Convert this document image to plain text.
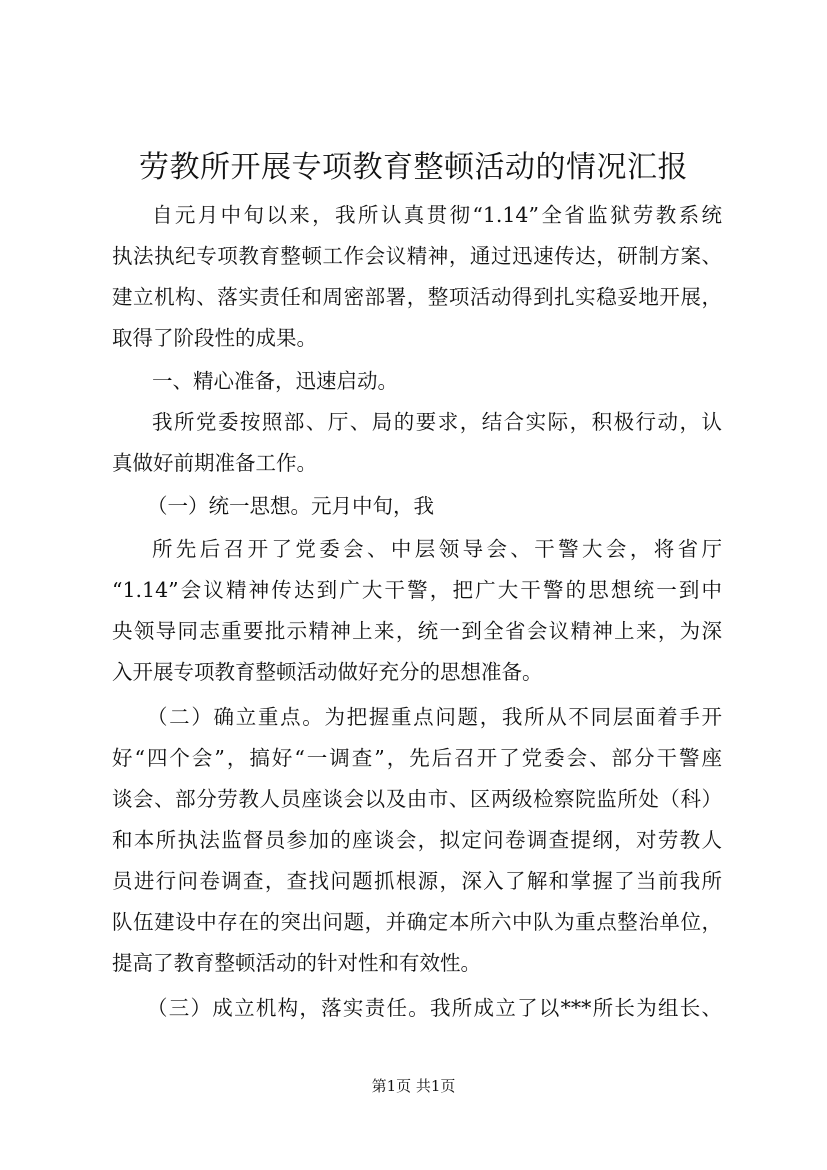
劳教所开展专项教育整顿活动的情况汇报
自元月中旬以来，我所认真贯彻“1.14”全省监狱劳教系统
执法执纪专项教育整顿工作会议精神，通过迅速传达，研制方案、
建立机构、落实责任和周密部署，整项活动得到扎实稳妥地开展，
取得了阶段性的成果。
一、精心准备，迅速启动。
我所党委按照部、厅、局的要求，结合实际，积极行动，认
真做好前期准备工作。
（一）统一思想。元月中旬，我
所先后召开了党委会、中层领导会、干警大会，将省厅
“1.14”会议精神传达到广大干警，把广大干警的思想统一到中
央领导同志重要批示精神上来，统一到全省会议精神上来，为深
入开展专项教育整顿活动做好充分的思想准备。
（二）确立重点。为把握重点问题，我所从不同层面着手开
好“四个会”，搞好“一调查”，先后召开了党委会、部分干警座
谈会、部分劳教人员座谈会以及由市、区两级检察院监所处（科）
和本所执法监督员参加的座谈会，拟定问卷调查提纲，对劳教人
员进行问卷调查，查找问题抓根源，深入了解和掌握了当前我所
队伍建设中存在的突出问题，并确定本所六中队为重点整治单位，
提高了教育整顿活动的针对性和有效性。
（三）成立机构，落实责任。我所成立了以***所长为组长、
第1页 共1页
